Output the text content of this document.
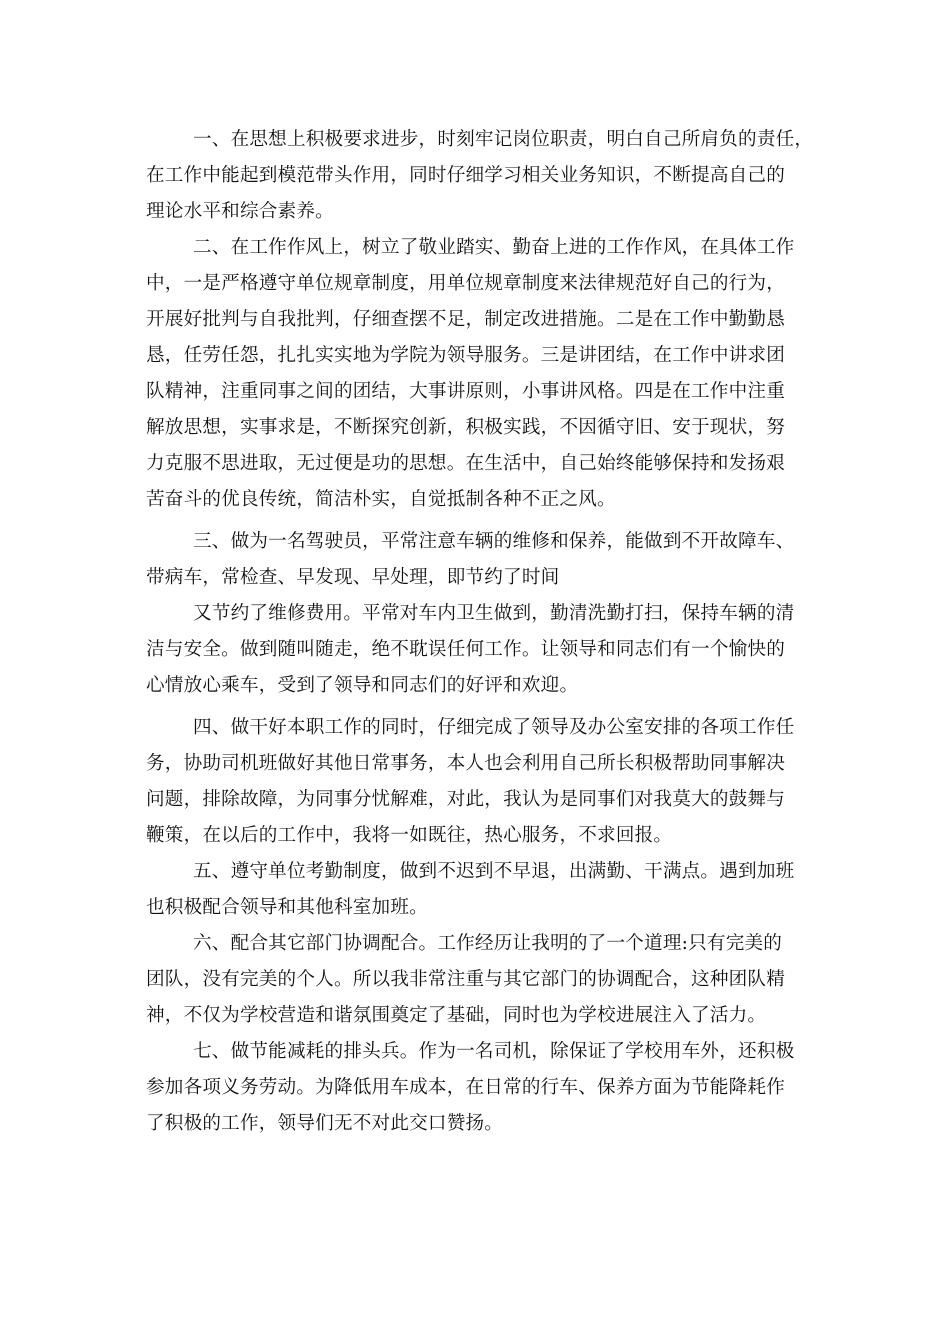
一、在思想上积极要求进步，时刻牢记岗位职责，明白自己所肩负的责任，
在工作中能起到模范带头作用，同时仔细学习相关业务知识，不断提高自己的
理论水平和综合素养。
二、在工作作风上，树立了敬业踏实、勤奋上进的工作作风，在具体工作
中，一是严格遵守单位规章制度，用单位规章制度来法律规范好自己的行为，
开展好批判与自我批判，仔细查摆不足，制定改进措施。二是在工作中勤勤恳
恳，任劳任怨，扎扎实实地为学院为领导服务。三是讲团结，在工作中讲求团
队精神，注重同事之间的团结，大事讲原则，小事讲风格。四是在工作中注重
解放思想，实事求是，不断探究创新，积极实践，不因循守旧、安于现状，努
力克服不思进取，无过便是功的思想。在生活中，自己始终能够保持和发扬艰
苦奋斗的优良传统，简洁朴实，自觉抵制各种不正之风。
三、做为一名驾驶员，平常注意车辆的维修和保养，能做到不开故障车、
带病车，常检查、早发现、早处理，即节约了时间
又节约了维修费用。平常对车内卫生做到，勤清洗勤打扫，保持车辆的清
洁与安全。做到随叫随走，绝不耽误任何工作。让领导和同志们有一个愉快的
心情放心乘车，受到了领导和同志们的好评和欢迎。
四、做干好本职工作的同时，仔细完成了领导及办公室安排的各项工作任
务，协助司机班做好其他日常事务，本人也会利用自己所长积极帮助同事解决
问题，排除故障，为同事分忧解难，对此，我认为是同事们对我莫大的鼓舞与
鞭策，在以后的工作中，我将一如既往，热心服务，不求回报。
五、遵守单位考勤制度，做到不迟到不早退，出满勤、干满点。遇到加班
也积极配合领导和其他科室加班。
六、配合其它部门协调配合。工作经历让我明的了一个道理:只有完美的
团队，没有完美的个人。所以我非常注重与其它部门的协调配合，这种团队精
神，不仅为学校营造和谐氛围奠定了基础，同时也为学校进展注入了活力。
七、做节能减耗的排头兵。作为一名司机，除保证了学校用车外，还积极
参加各项义务劳动。为降低用车成本，在日常的行车、保养方面为节能降耗作
了积极的工作，领导们无不对此交口赞扬。
